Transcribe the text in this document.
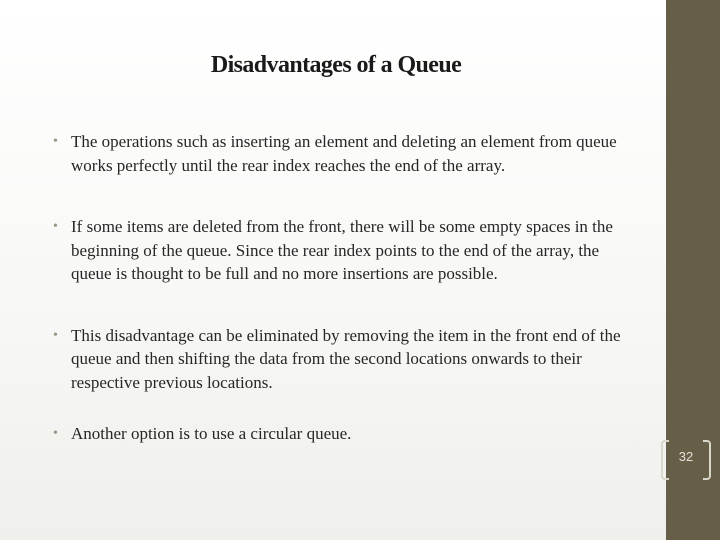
Disadvantages of a Queue
• The operations such as inserting an element and deleting an element from queue works perfectly until the rear index reaches the end of the array.
• If some items are deleted from the front, there will be some empty spaces in the beginning of the queue. Since the rear index points to the end of the array, the queue is thought to be full and no more insertions are possible.
• This disadvantage can be eliminated by removing the item in the front end of the queue and then shifting the data from the second locations onwards to their respective previous locations.
• Another option is to use a circular queue.
32
